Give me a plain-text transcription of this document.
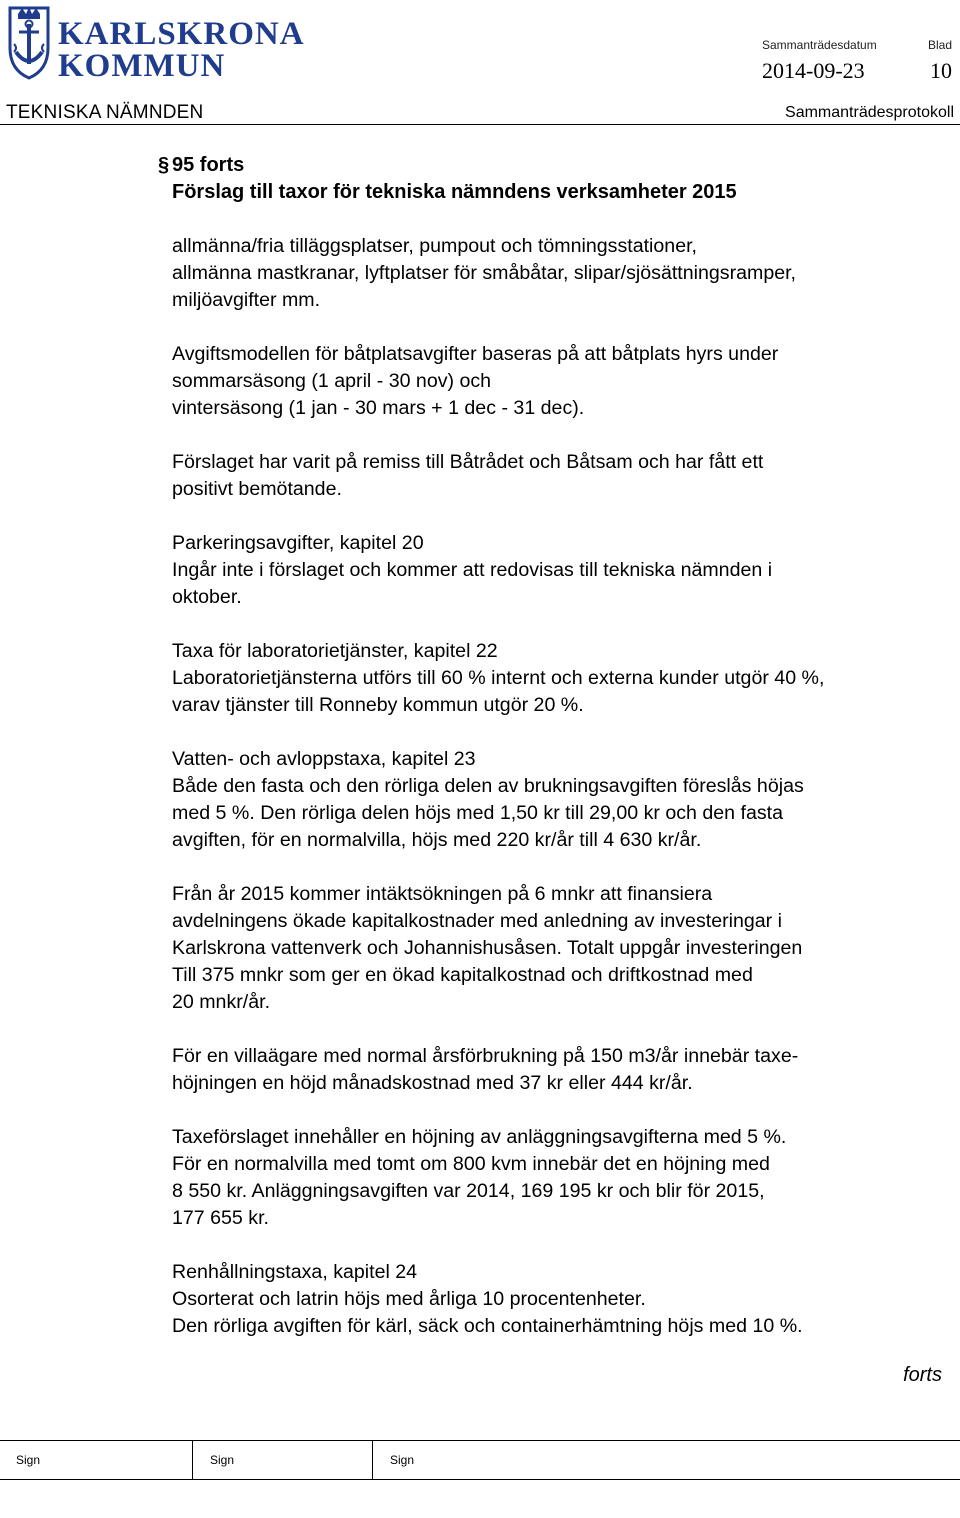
KARLSKRONA
KOMMUN
Sammanträdesdatum
2014-09-23
Blad
10
TEKNISKA NÄMNDEN	Sammanträdesprotokoll
§ 95 forts
Förslag till taxor för tekniska nämndens verksamheter 2015
allmänna/fria tilläggsplatser, pumpout och tömningsstationer,
allmänna mastkranar, lyftplatser för småbåtar, slipar/sjösättningsramper,
miljöavgifter mm.
Avgiftsmodellen för båtplatsavgifter baseras på att båtplats hyrs under
sommarsäsong (1 april - 30 nov) och
vintersäsong (1 jan - 30 mars + 1 dec - 31 dec).
Förslaget har varit på remiss till Båtrådet och Båtsam och har fått ett
positivt bemötande.
Parkeringsavgifter, kapitel 20
Ingår inte i förslaget och kommer att redovisas till tekniska nämnden i
oktober.
Taxa för laboratorietjänster, kapitel 22
Laboratorietjänsterna utförs till 60 % internt och externa kunder utgör 40 %,
varav tjänster till Ronneby kommun utgör 20 %.
Vatten- och avloppstaxa, kapitel 23
Både den fasta och den rörliga delen av brukningsavgiften föreslås höjas
med 5 %. Den rörliga delen höjs med 1,50 kr till 29,00 kr och den fasta
avgiften, för en normalvilla, höjs med 220 kr/år till 4 630 kr/år.
Från år 2015 kommer intäktsökningen på 6 mnkr att finansiera
avdelningens ökade kapitalkostnader med anledning av investeringar i
Karlskrona vattenverk och Johannishusåsen. Totalt uppgår investeringen
Till 375 mnkr som ger en ökad kapitalkostnad och driftkostnad med
20 mnkr/år.
För en villaägare med normal årsförbrukning på 150 m3/år innebär taxe-
höjningen en höjd månadskostnad med 37 kr eller 444 kr/år.
Taxeförslaget innehåller en höjning av anläggningsavgifterna med 5 %.
För en normalvilla med tomt om 800 kvm innebär det en höjning med
8 550 kr. Anläggningsavgiften var 2014, 169 195 kr och blir för 2015,
177 655 kr.
Renhållningstaxa, kapitel 24
Osorterat och latrin höjs med årliga 10 procentenheter.
Den rörliga avgiften för kärl, säck och containerhämtning höjs med 10 %.
forts
Sign	Sign	Sign
